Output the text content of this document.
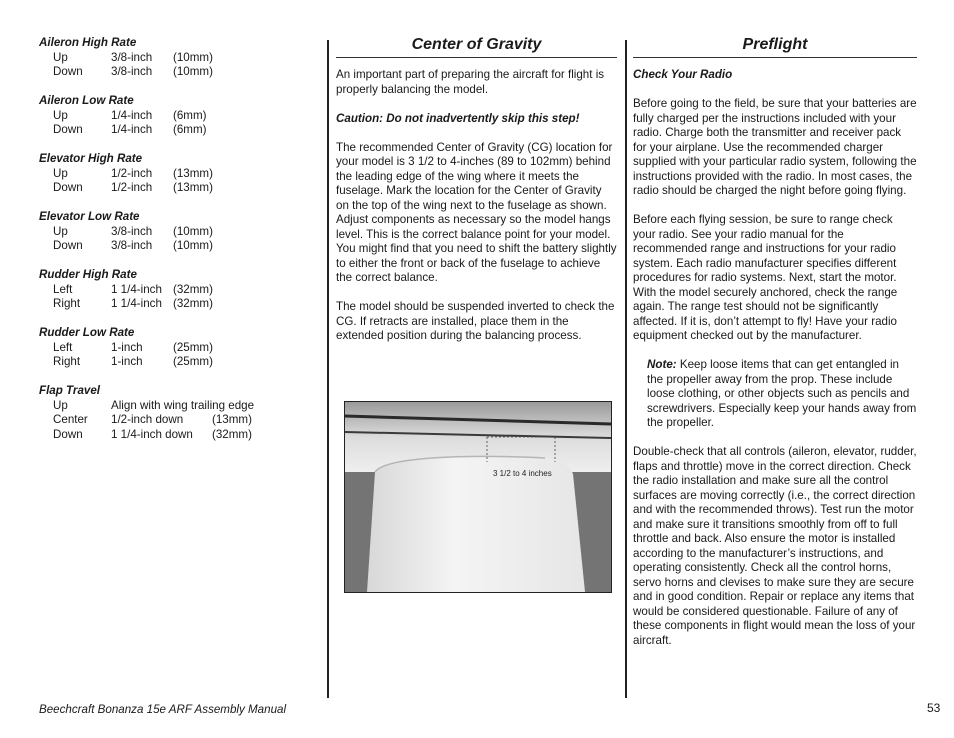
Aileron High Rate
Up	3/8-inch (10mm)
Down 3/8-inch (10mm)
Aileron Low Rate
Up	1/4-inch (6mm)
Down 1/4-inch (6mm)
Elevator High Rate
Up	1/2-inch (13mm)
Down 1/2-inch (13mm)
Elevator Low Rate
Up	3/8-inch (10mm)
Down 3/8-inch (10mm)
Rudder High Rate
Left	1 1/4-inch (32mm)
Right	1 1/4-inch (32mm)
Rudder Low Rate
Left	1-inch	(25mm)
Right	1-inch	(25mm)
Flap Travel
Up	Align with wing trailing edge
Center 1/2-inch down (13mm)
Down 1 1/4-inch down (32mm)
Center of Gravity

An important part of preparing the aircraft for flight is properly balancing the model.

Caution: Do not inadvertently skip this step!

The recommended Center of Gravity (CG) location for your model is 3 1/2 to 4-inches (89 to 102mm) behind the leading edge of the wing where it meets the fuselage. Mark the location for the Center of Gravity on the top of the wing next to the fuselage as shown. Adjust components as necessary so the model hangs level. This is the correct balance point for your model. You might find that you need to shift the battery slightly to either the front or back of the fuselage to achieve the correct balance.

The model should be suspended inverted to check the CG. If retracts are installed, place them in the extended position during the balancing process.

3 1/2 to 4 inches
Preflight

Check Your Radio

Before going to the field, be sure that your batteries are fully charged per the instructions included with your radio. Charge both the transmitter and receiver pack for your airplane. Use the recommended charger supplied with your particular radio system, following the instructions provided with the radio. In most cases, the radio should be charged the night before going flying.

Before each flying session, be sure to range check your radio. See your radio manual for the recommended range and instructions for your radio system. Each radio manufacturer specifies different procedures for radio systems. Next, start the motor. With the model securely anchored, check the range again. The range test should not be significantly affected. If it is, don’t attempt to fly! Have your radio equipment checked out by the manufacturer.

Note: Keep loose items that can get entangled in the propeller away from the prop. These include loose clothing, or other objects such as pencils and screwdrivers. Especially keep your hands away from the propeller.

Double-check that all controls (aileron, elevator, rudder, flaps and throttle) move in the correct direction. Check the radio installation and make sure all the control surfaces are moving correctly (i.e., the correct direction and with the recommended throws). Test run the motor and make sure it transitions smoothly from off to full throttle and back. Also ensure the motor is installed according to the manufacturer’s instructions, and operating consistently. Check all the control horns, servo horns and clevises to make sure they are secure and in good condition. Repair or replace any items that would be considered questionable. Failure of any of these components in flight would mean the loss of your aircraft.

Beechcraft Bonanza 15e ARF Assembly Manual	53
